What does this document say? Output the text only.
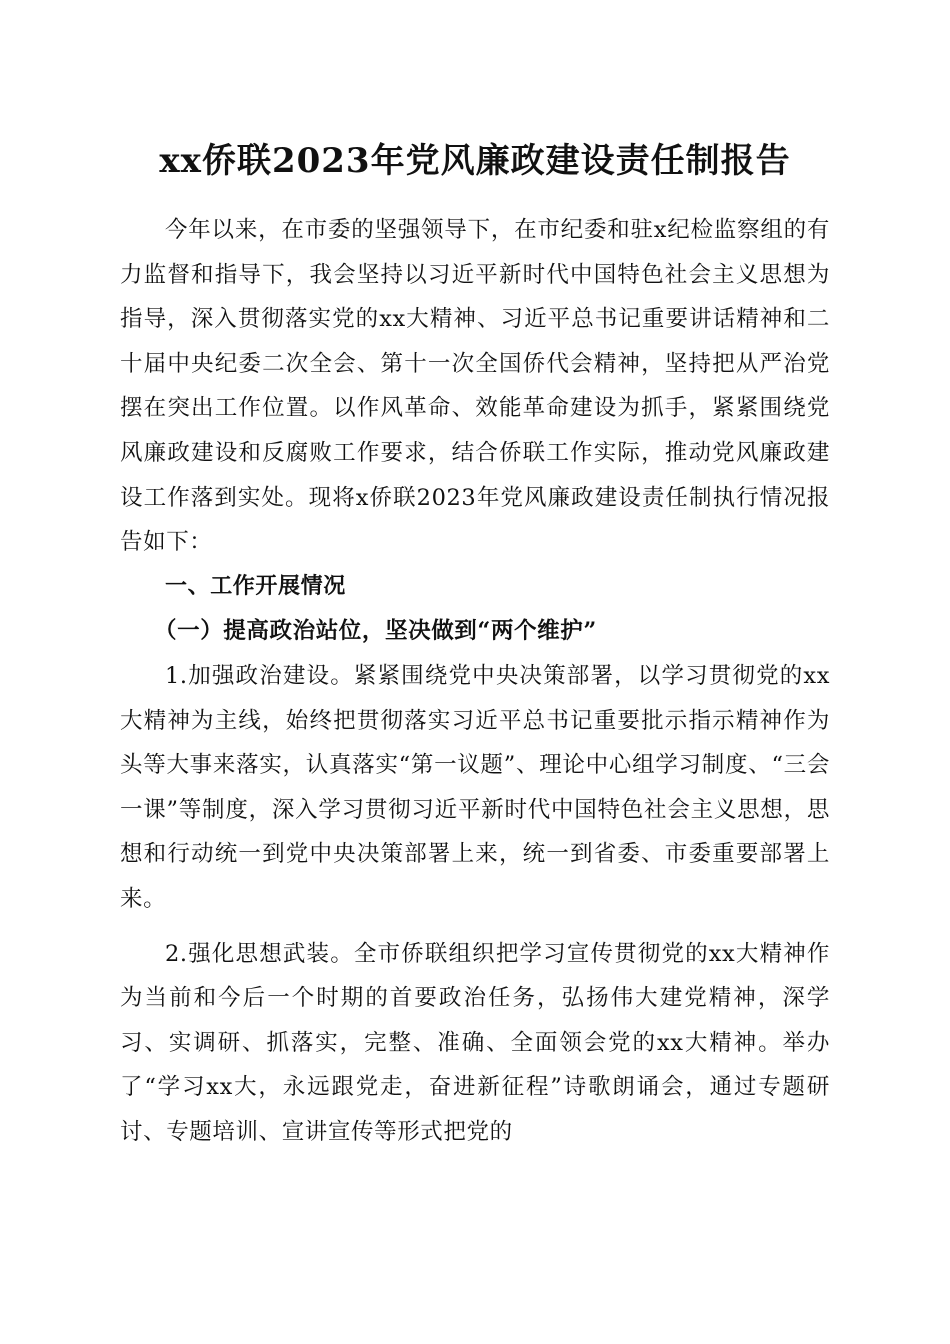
xx侨联2023年党风廉政建设责任制报告

今年以来，在市委的坚强领导下，在市纪委和驻x纪检监察组的有力监督和指导下，我会坚持以习近平新时代中国特色社会主义思想为指导，深入贯彻落实党的xx大精神、习近平总书记重要讲话精神和二十届中央纪委二次全会、第十一次全国侨代会精神，坚持把从严治党摆在突出工作位置。以作风革命、效能革命建设为抓手，紧紧围绕党风廉政建设和反腐败工作要求，结合侨联工作实际，推动党风廉政建设工作落到实处。现将x侨联2023年党风廉政建设责任制执行情况报告如下：

一、工作开展情况

（一）提高政治站位，坚决做到“两个维护”

1.加强政治建设。紧紧围绕党中央决策部署，以学习贯彻党的xx大精神为主线，始终把贯彻落实习近平总书记重要批示指示精神作为头等大事来落实，认真落实“第一议题”、理论中心组学习制度、“三会一课”等制度，深入学习贯彻习近平新时代中国特色社会主义思想，思想和行动统一到党中央决策部署上来，统一到省委、市委重要部署上来。

2.强化思想武装。全市侨联组织把学习宣传贯彻党的xx大精神作为当前和今后一个时期的首要政治任务，弘扬伟大建党精神，深学习、实调研、抓落实，完整、准确、全面领会党的xx大精神。举办了“学习xx大，永远跟党走，奋进新征程”诗歌朗诵会，通过专题研讨、专题培训、宣讲宣传等形式把党的
